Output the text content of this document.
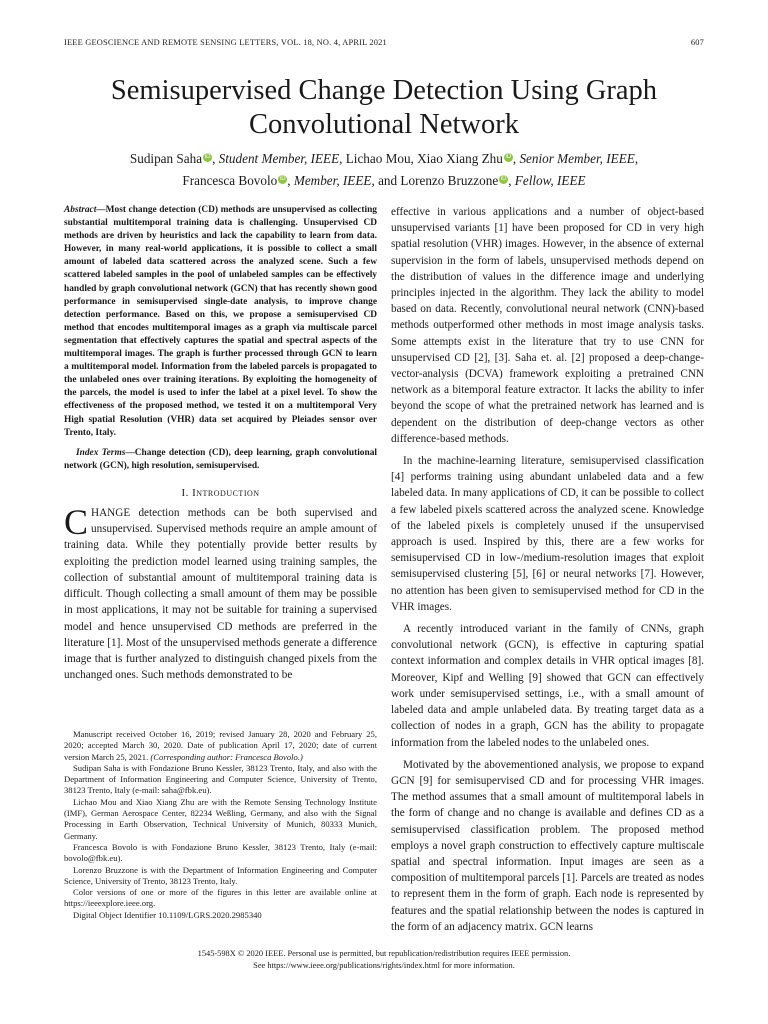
IEEE GEOSCIENCE AND REMOTE SENSING LETTERS, VOL. 18, NO. 4, APRIL 2021	607
Semisupervised Change Detection Using Graph
Convolutional Network
Sudipan Saha iD , Student Member, IEEE, Lichao Mou, Xiao Xiang Zhu iD , Senior Member, IEEE,
Francesca Bovolo iD , Member, IEEE, and Lorenzo Bruzzone iD , Fellow, IEEE

Abstract—Most change detection (CD) methods are unsupervised as collecting substantial multitemporal training data is challenging. Unsupervised CD methods are driven by heuristics and lack the capability to learn from data. However, in many real-world applications, it is possible to collect a small amount of labeled data scattered across the analyzed scene. Such a few scattered labeled samples in the pool of unlabeled samples can be effectively handled by graph convolutional network (GCN) that has recently shown good performance in semisupervised single-date analysis, to improve change detection performance. Based on this, we propose a semisupervised CD method that encodes multitemporal images as a graph via multiscale parcel segmentation that effectively captures the spatial and spectral aspects of the multitemporal images. The graph is further processed through GCN to learn a multitemporal model. Information from the labeled parcels is propagated to the unlabeled ones over training iterations. By exploiting the homogeneity of the parcels, the model is used to infer the label at a pixel level. To show the effectiveness of the proposed method, we tested it on a multitemporal Very High spatial Resolution (VHR) data set acquired by Pleiades sensor over Trento, Italy.

Index Terms—Change detection (CD), deep learning, graph convolutional network (GCN), high resolution, semisupervised.

I. Introduction

CHANGE detection methods can be both supervised and unsupervised. Supervised methods require an ample amount of training data. While they potentially provide better results by exploiting the prediction model learned using training samples, the collection of substantial amount of multitemporal training data is difficult. Though collecting a small amount of them may be possible in most applications, it may not be suitable for training a supervised model and hence unsupervised CD methods are preferred in the literature [1]. Most of the unsupervised methods generate a difference image that is further analyzed to distinguish changed pixels from the unchanged ones. Such methods demonstrated to be

Manuscript received October 16, 2019; revised January 28, 2020 and February 25, 2020; accepted March 30, 2020. Date of publication April 17, 2020; date of current version March 25, 2021. (Corresponding author: Francesca Bovolo.)

Sudipan Saha is with Fondazione Bruno Kessler, 38123 Trento, Italy, and also with the Department of Information Engineering and Computer Science, University of Trento, 38123 Trento, Italy (e-mail: saha@fbk.eu).

Lichao Mou and Xiao Xiang Zhu are with the Remote Sensing Technology Institute (IMF), German Aerospace Center, 82234 Weßling, Germany, and also with the Signal Processing in Earth Observation, Technical University of Munich, 80333 Munich, Germany.

Francesca Bovolo is with Fondazione Bruno Kessler, 38123 Trento, Italy (e-mail: bovolo@fbk.eu).

Lorenzo Bruzzone is with the Department of Information Engineering and Computer Science, University of Trento, 38123 Trento, Italy.

Color versions of one or more of the figures in this letter are available online at https://ieeexplore.ieee.org.

Digital Object Identifier 10.1109/LGRS.2020.2985340

effective in various applications and a number of object-based unsupervised variants [1] have been proposed for CD in very high spatial resolution (VHR) images. However, in the absence of external supervision in the form of labels, unsupervised methods depend on the distribution of values in the difference image and underlying principles injected in the algorithm. They lack the ability to model based on data. Recently, convolutional neural network (CNN)-based methods outperformed other methods in most image analysis tasks. Some attempts exist in the literature that try to use CNN for unsupervised CD [2], [3]. Saha et. al. [2] proposed a deep-change-vector-analysis (DCVA) framework exploiting a pretrained CNN network as a bitemporal feature extractor. It lacks the ability to infer beyond the scope of what the pretrained network has learned and is dependent on the distribution of deep-change vectors as other difference-based methods.

In the machine-learning literature, semisupervised classification [4] performs training using abundant unlabeled data and a few labeled data. In many applications of CD, it can be possible to collect a few labeled pixels scattered across the analyzed scene. Knowledge of the labeled pixels is completely unused if the unsupervised approach is used. Inspired by this, there are a few works for semisupervised CD in low-/medium-resolution images that exploit semisupervised clustering [5], [6] or neural networks [7]. However, no attention has been given to semisupervised method for CD in the VHR images.

A recently introduced variant in the family of CNNs, graph convolutional network (GCN), is effective in capturing spatial context information and complex details in VHR optical images [8]. Moreover, Kipf and Welling [9] showed that GCN can effectively work under semisupervised settings, i.e., with a small amount of labeled data and ample unlabeled data. By treating target data as a collection of nodes in a graph, GCN has the ability to propagate information from the labeled nodes to the unlabeled ones.

Motivated by the abovementioned analysis, we propose to expand GCN [9] for semisupervised CD and for processing VHR images. The method assumes that a small amount of multitemporal labels in the form of change and no change is available and defines CD as a semisupervised classification problem. The proposed method employs a novel graph construction to effectively capture multiscale spatial and spectral information. Input images are seen as a composition of multitemporal parcels [1]. Parcels are treated as nodes to represent them in the form of graph. Each node is represented by features and the spatial relationship between the nodes is captured in the form of an adjacency matrix. GCN learns

1545-598X © 2020 IEEE. Personal use is permitted, but republication/redistribution requires IEEE permission.
See https://www.ieee.org/publications/rights/index.html for more information.
